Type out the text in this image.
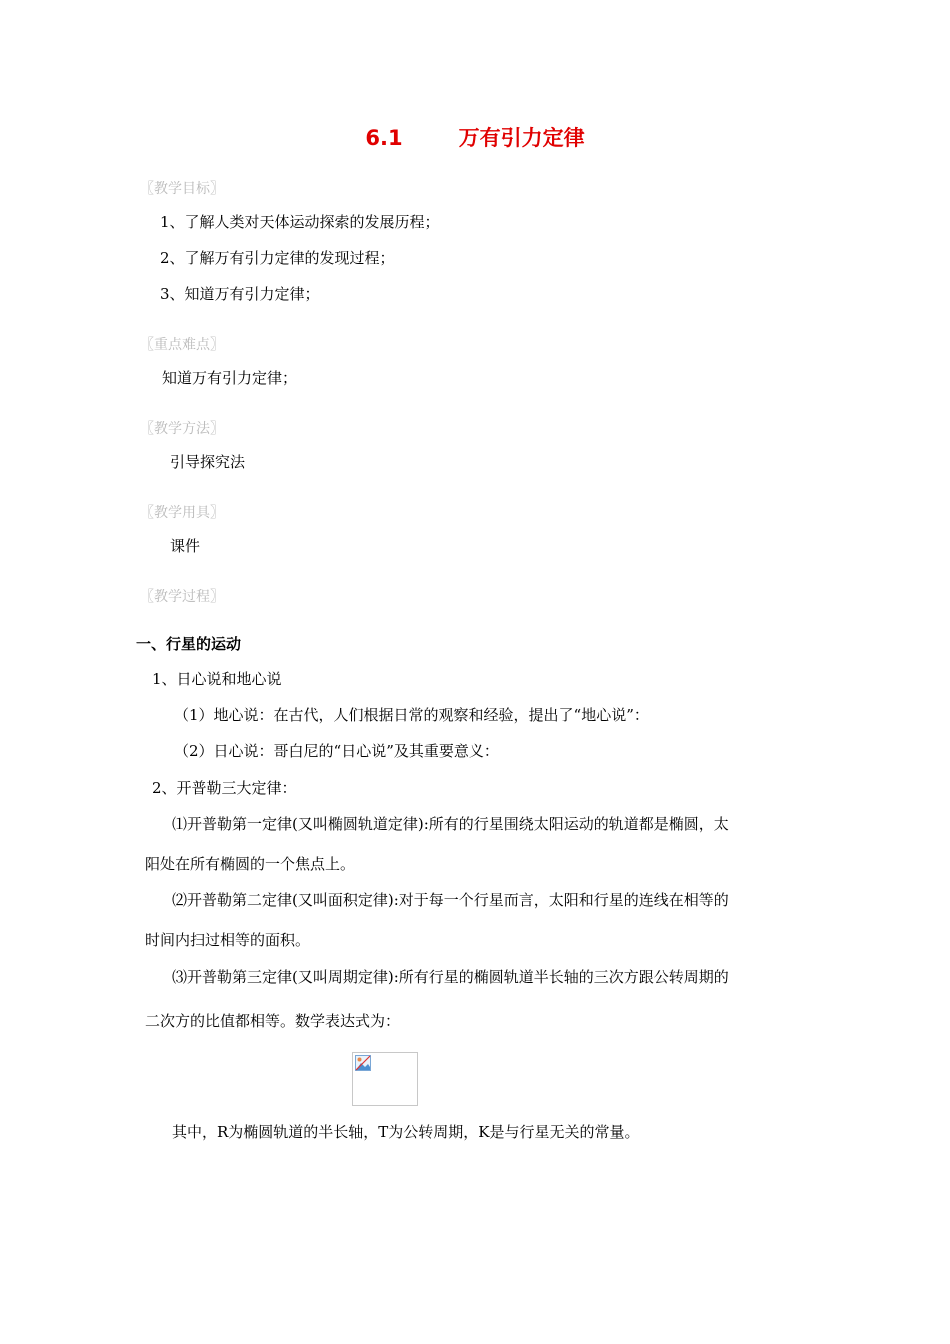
6.1	万有引力定律
〖教学目标〗
1、了解人类对天体运动探索的发展历程；
2、了解万有引力定律的发现过程；
3、知道万有引力定律；
〖重点难点〗
知道万有引力定律；
〖教学方法〗
引导探究法
〖教学用具〗
课件
〖教学过程〗
一、行星的运动
1、日心说和地心说
（1）地心说：在古代，人们根据日常的观察和经验，提出了“地心说”：
（2）日心说：哥白尼的“日心说”及其重要意义：
2、开普勒三大定律：
⑴开普勒第一定律(又叫椭圆轨道定律):所有的行星围绕太阳运动的轨道都是椭圆，太
阳处在所有椭圆的一个焦点上。
⑵开普勒第二定律(又叫面积定律):对于每一个行星而言，太阳和行星的连线在相等的
时间内扫过相等的面积。
⑶开普勒第三定律(又叫周期定律):所有行星的椭圆轨道半长轴的三次方跟公转周期的
二次方的比值都相等。数学表达式为：
其中，R为椭圆轨道的半长轴，T为公转周期，K是与行星无关的常量。
